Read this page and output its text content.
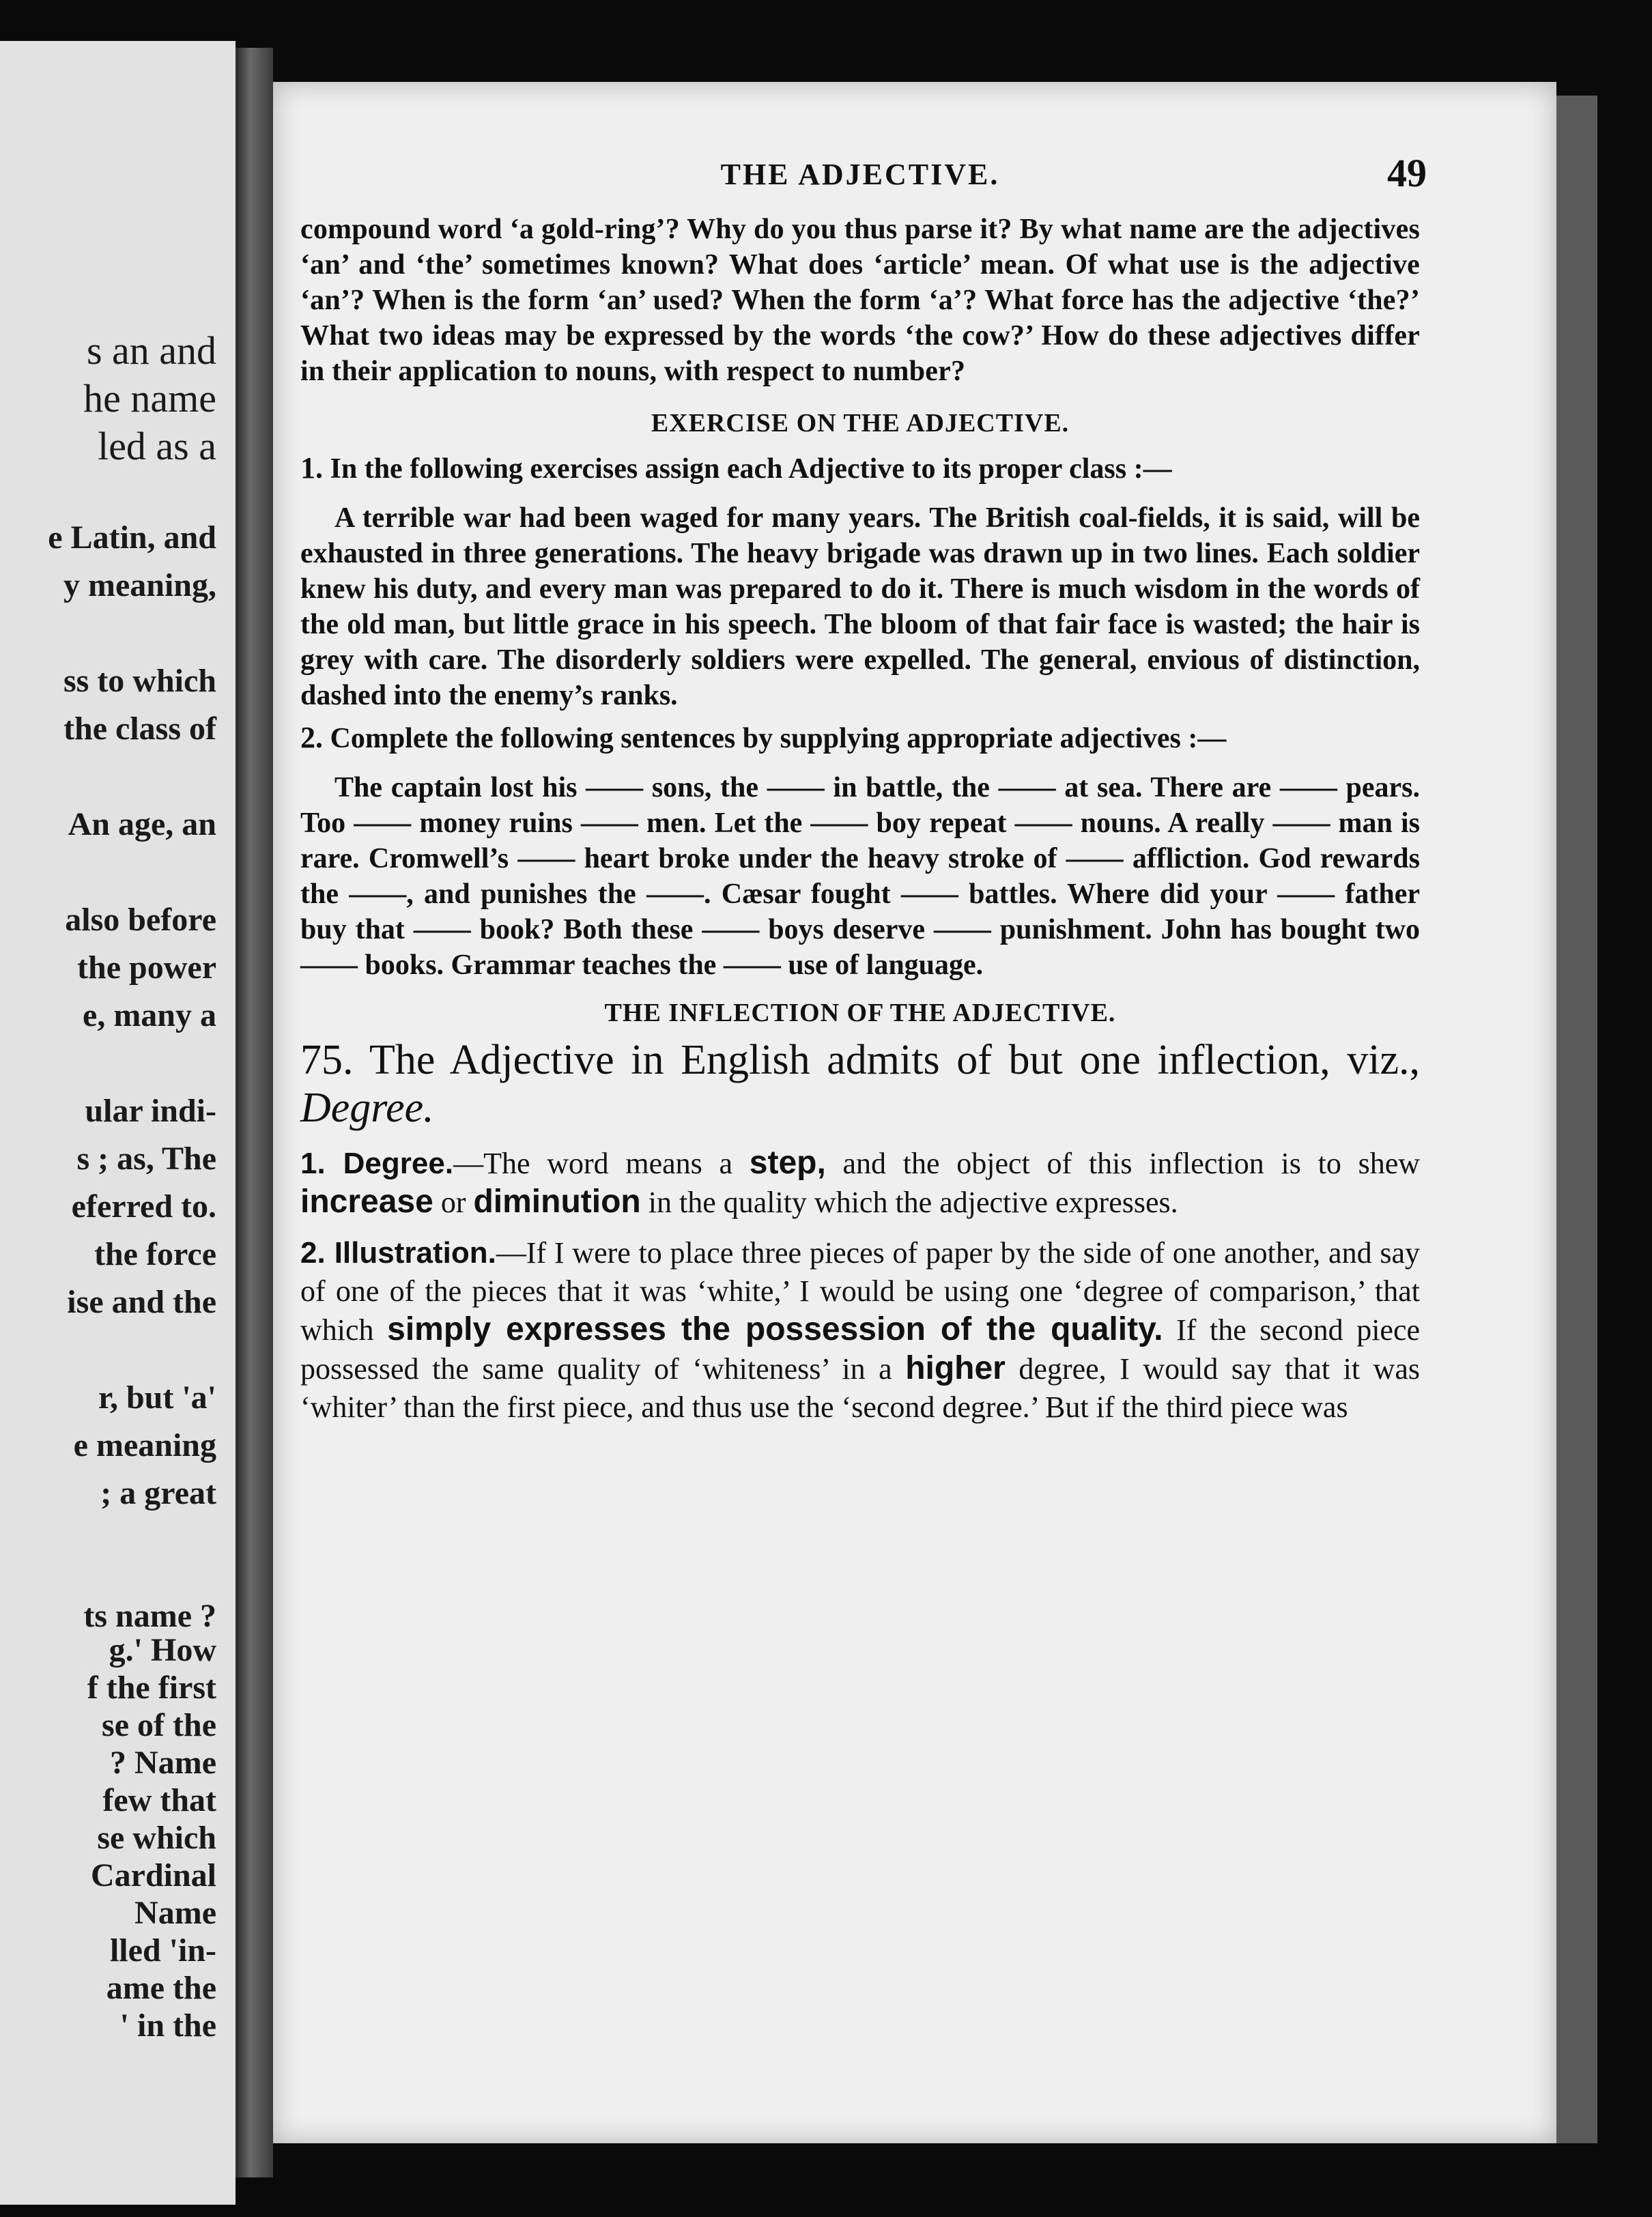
s an and
he name
led as a
e Latin, and
y meaning,
ss to which
the class of
An age, an
also before
the power
e, many a
ular indi-
s ; as, The
eferred to.
the force
ise and the
r, but 'a'
e meaning
; a great
ts name ?
g.' How
f the first
se of the
? Name
few that
se which
Cardinal
Name
lled 'in-
ame the
' in the
THE ADJECTIVE.	49

compound word ‘a gold-ring’? Why do you thus parse it? By what name are the adjectives ‘an’ and ‘the’ sometimes known? What does ‘article’ mean. Of what use is the adjective ‘an’? When is the form ‘an’ used? When the form ‘a’? What force has the adjective ‘the?’ What two ideas may be expressed by the words ‘the cow?’ How do these adjectives differ in their application to nouns, with respect to number?

EXERCISE ON THE ADJECTIVE.

1. In the following exercises assign each Adjective to its proper class :—

A terrible war had been waged for many years. The British coal-fields, it is said, will be exhausted in three generations. The heavy brigade was drawn up in two lines. Each soldier knew his duty, and every man was prepared to do it. There is much wisdom in the words of the old man, but little grace in his speech. The bloom of that fair face is wasted; the hair is grey with care. The disorderly soldiers were expelled. The general, envious of distinction, dashed into the enemy’s ranks.

2. Complete the following sentences by supplying appropriate adjectives :—

The captain lost his —— sons, the —— in battle, the —— at sea. There are —— pears. Too —— money ruins —— men. Let the —— boy repeat —— nouns. A really —— man is rare. Cromwell’s —— heart broke under the heavy stroke of —— affliction. God rewards the ——, and punishes the ——. Cæsar fought —— battles. Where did your —— father buy that —— book? Both these —— boys deserve —— punishment. John has bought two —— books. Grammar teaches the —— use of language.

THE INFLECTION OF THE ADJECTIVE.

75. The Adjective in English admits of but one inflection, viz., Degree.

1. Degree.—The word means a step, and the object of this inflection is to shew increase or diminution in the quality which the adjective expresses.

2. Illustration.—If I were to place three pieces of paper by the side of one another, and say of one of the pieces that it was ‘white,’ I would be using one ‘degree of comparison,’ that which simply expresses the possession of the quality. If the second piece possessed the same quality of ‘whiteness’ in a higher degree, I would say that it was ‘whiter’ than the first piece, and thus use the ‘second degree.’ But if the third piece was
